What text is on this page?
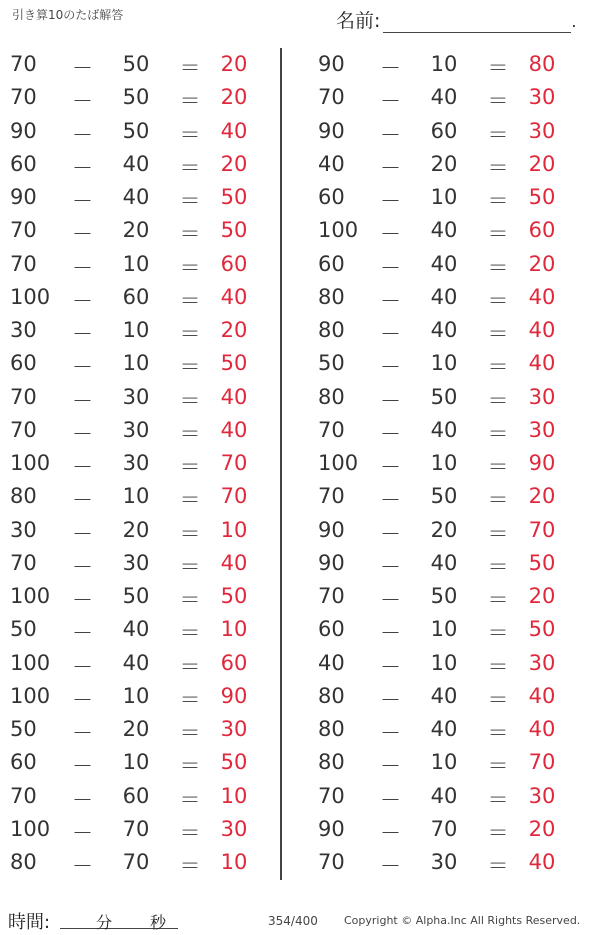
引き算10のたば解答	名前:	.
70	－	50	＝ 20
70	－	50	＝ 20
90	－	50	＝ 40
60	－	40	＝ 20
90	－	40	＝ 50
70	－	20	＝ 50
70	－	10	＝ 60
100	－	60	＝ 40
30	－	10	＝ 20
60	－	10	＝ 50
70	－	30	＝ 40
70	－	30	＝ 40
100	－	30	＝ 70
80	－	10	＝ 70
30	－	20	＝ 10
70	－	30	＝ 40
100	－	50	＝ 50
50	－	40	＝ 10
100	－	40	＝ 60
100	－	10	＝ 90
50	－	20	＝ 30
60	－	10	＝ 50
70	－	60	＝ 10
100	－	70	＝ 30
80	－	70	＝ 10
90	－	10	＝ 80
70	－	40	＝ 30
90	－	60	＝ 30
40	－	20	＝ 20
60	－	10	＝ 50
100	－	40	＝ 60
60	－	40	＝ 20
80	－	40	＝ 40
80	－	40	＝ 40
50	－	10	＝ 40
80	－	50	＝ 30
70	－	40	＝ 30
100	－	10	＝ 90
70	－	50	＝ 20
90	－	20	＝ 70
90	－	40	＝ 50
70	－	50	＝ 20
60	－	10	＝ 50
40	－	10	＝ 30
80	－	40	＝ 40
80	－	40	＝ 40
80	－	10	＝ 70
70	－	40	＝ 30
90	－	70	＝ 20
70	－	30	＝ 40
時間:	分 秒	354/400 Copyright © Alpha.Inc All Rights Reserved.
